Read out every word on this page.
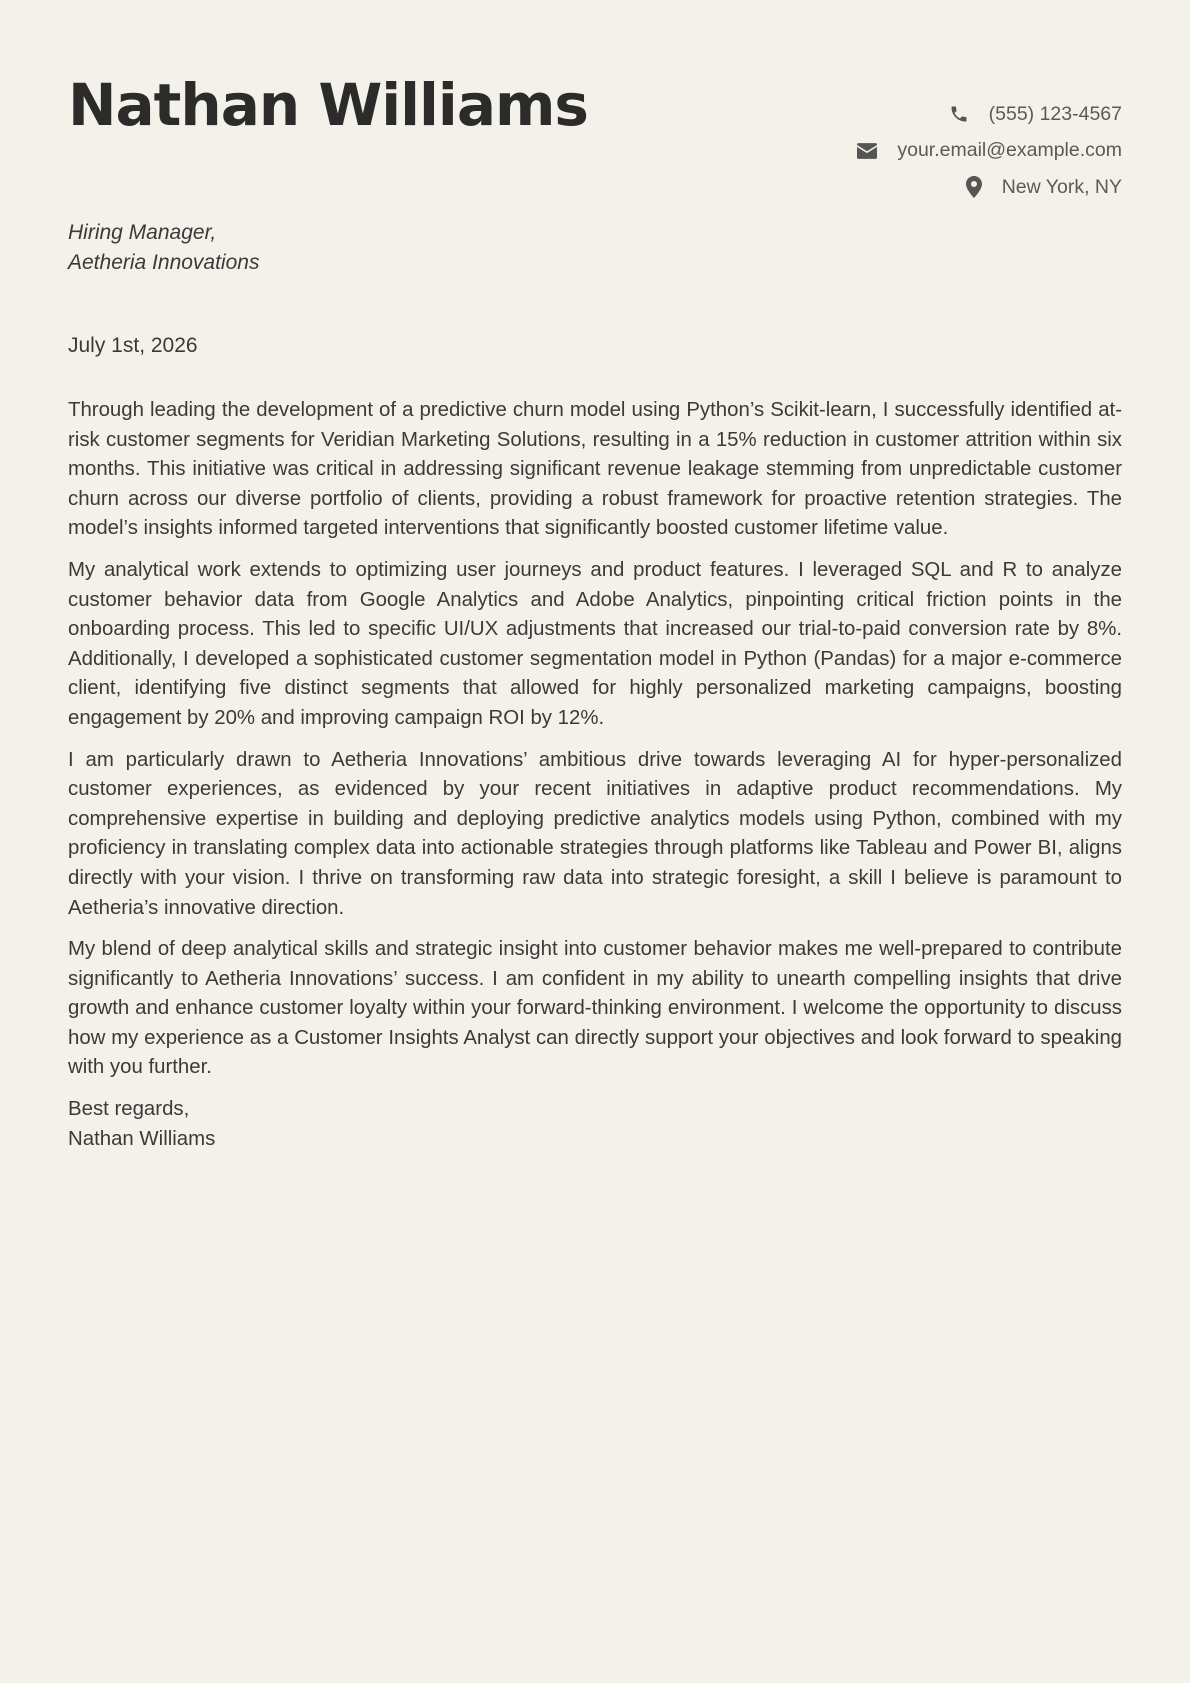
Nathan Williams	(555) 123-4567
your.email@example.com
New York, NY
Hiring Manager,
Aetheria Innovations
July 1st, 2026

Through leading the development of a predictive churn model using Python’s Scikit-learn, I successfully identified at-risk customer segments for Veridian Marketing Solutions, resulting in a 15% reduction in customer attrition within six months. This initiative was critical in addressing significant revenue leakage stemming from unpredictable customer churn across our diverse portfolio of clients, providing a robust framework for proactive retention strategies. The model’s insights informed targeted interventions that significantly boosted customer lifetime value.

My analytical work extends to optimizing user journeys and product features. I leveraged SQL and R to analyze customer behavior data from Google Analytics and Adobe Analytics, pinpointing critical friction points in the onboarding process. This led to specific UI/UX adjustments that increased our trial-to-paid conversion rate by 8%. Additionally, I developed a sophisticated customer segmentation model in Python (Pandas) for a major e-commerce client, identifying five distinct segments that allowed for highly personalized marketing campaigns, boosting engagement by 20% and improving campaign ROI by 12%.

I am particularly drawn to Aetheria Innovations’ ambitious drive towards leveraging AI for hyper-personalized customer experiences, as evidenced by your recent initiatives in adaptive product recommendations. My comprehensive expertise in building and deploying predictive analytics models using Python, combined with my proficiency in translating complex data into actionable strategies through platforms like Tableau and Power BI, aligns directly with your vision. I thrive on transforming raw data into strategic foresight, a skill I believe is paramount to Aetheria’s innovative direction.

My blend of deep analytical skills and strategic insight into customer behavior makes me well-prepared to contribute significantly to Aetheria Innovations’ success. I am confident in my ability to unearth compelling insights that drive growth and enhance customer loyalty within your forward-thinking environment. I welcome the opportunity to discuss how my experience as a Customer Insights Analyst can directly support your objectives and look forward to speaking with you further.

Best regards,
Nathan Williams
